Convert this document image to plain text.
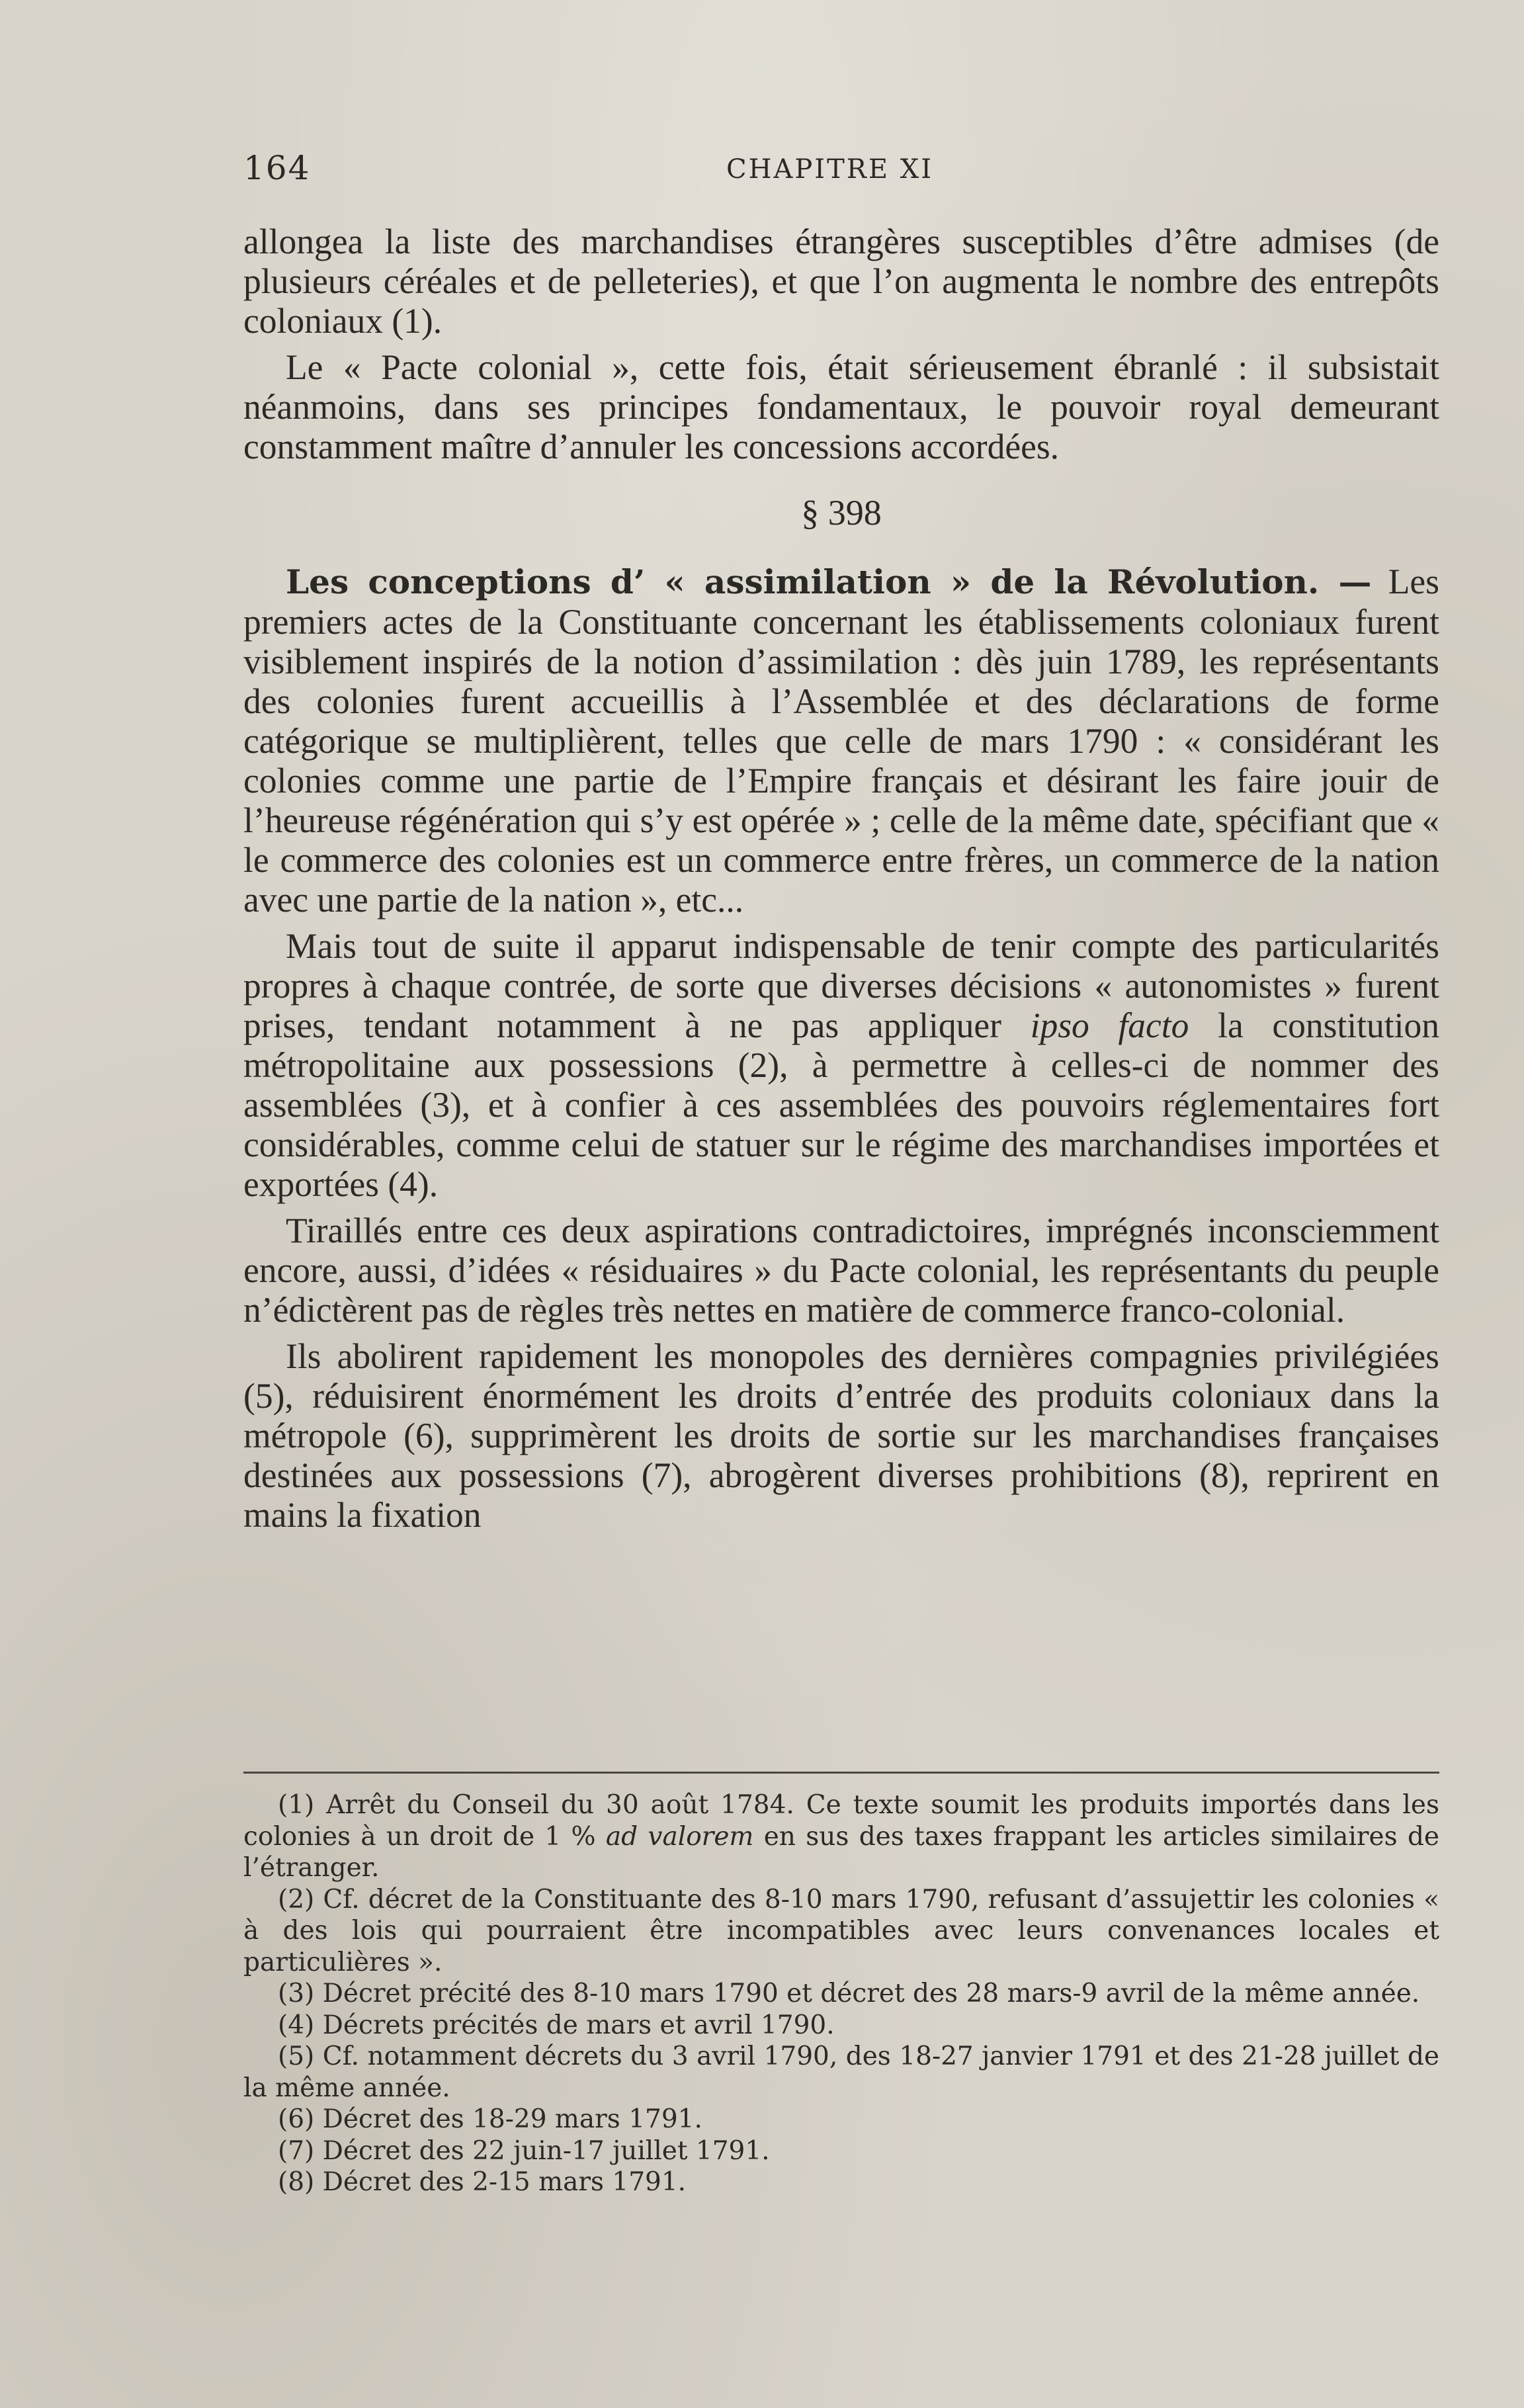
164	CHAPITRE XI

allongea la liste des marchandises étrangères susceptibles d’être admises (de plusieurs céréales et de pelleteries), et que l’on augmenta le nombre des entrepôts coloniaux (1).

Le « Pacte colonial », cette fois, était sérieusement ébranlé : il subsistait néanmoins, dans ses principes fondamentaux, le pouvoir royal demeurant constamment maître d’annuler les concessions accordées.

§ 398

Les conceptions d’ « assimilation » de la Révolution. — Les premiers actes de la Constituante concernant les établissements coloniaux furent visiblement inspirés de la notion d’assimilation : dès juin 1789, les représentants des colonies furent accueillis à l’Assemblée et des déclarations de forme catégorique se multiplièrent, telles que celle de mars 1790 : « considérant les colonies comme une partie de l’Empire français et désirant les faire jouir de l’heureuse régénération qui s’y est opérée » ; celle de la même date, spécifiant que « le commerce des colonies est un commerce entre frères, un commerce de la nation avec une partie de la nation », etc...

Mais tout de suite il apparut indispensable de tenir compte des particularités propres à chaque contrée, de sorte que diverses décisions « autonomistes » furent prises, tendant notamment à ne pas appliquer ipso facto la constitution métropolitaine aux possessions (2), à permettre à celles-ci de nommer des assemblées (3), et à confier à ces assemblées des pouvoirs réglementaires fort considérables, comme celui de statuer sur le régime des marchandises importées et exportées (4).

Tiraillés entre ces deux aspirations contradictoires, imprégnés inconsciemment encore, aussi, d’idées « résiduaires » du Pacte colonial, les représentants du peuple n’édictèrent pas de règles très nettes en matière de commerce franco-colonial.

Ils abolirent rapidement les monopoles des dernières compagnies privilégiées (5), réduisirent énormément les droits d’entrée des produits coloniaux dans la métropole (6), supprimèrent les droits de sortie sur les marchandises françaises destinées aux possessions (7), abrogèrent diverses prohibitions (8), reprirent en mains la fixation

(1) Arrêt du Conseil du 30 août 1784. Ce texte soumit les produits importés dans les colonies à un droit de 1 % ad valorem en sus des taxes frappant les articles similaires de l’étranger.

(2) Cf. décret de la Constituante des 8-10 mars 1790, refusant d’assujettir les colonies « à des lois qui pourraient être incompatibles avec leurs convenances locales et particulières ».

(3) Décret précité des 8-10 mars 1790 et décret des 28 mars-9 avril de la même année.

(4) Décrets précités de mars et avril 1790.

(5) Cf. notamment décrets du 3 avril 1790, des 18-27 janvier 1791 et des 21-28 juillet de la même année.

(6) Décret des 18-29 mars 1791.

(7) Décret des 22 juin-17 juillet 1791.

(8) Décret des 2-15 mars 1791.
